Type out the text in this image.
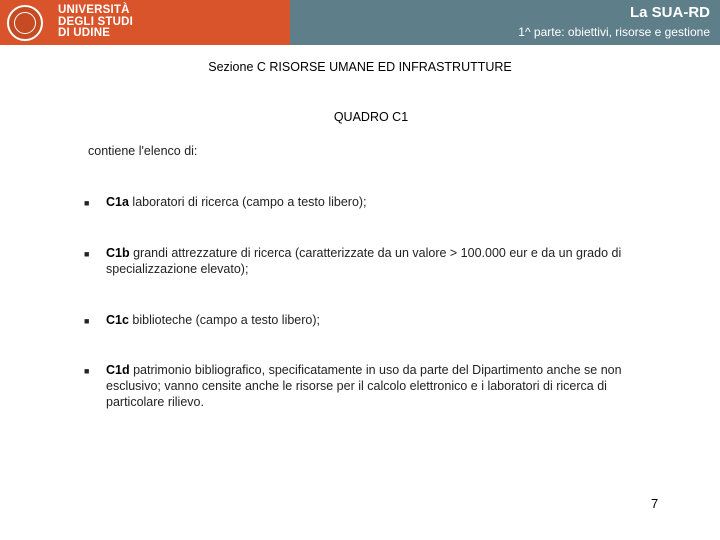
UNIVERSITÀ
DEGLI STUDI
DI UDINE
La SUA-RD
1^ parte: obiettivi, risorse e gestione
Sezione C RISORSE UMANE ED INFRASTRUTTURE
QUADRO C1
contiene l'elenco di:
■ C1a laboratori di ricerca (campo a testo libero);
■ C1b grandi attrezzature di ricerca (caratterizzate da un valore > 100.000 eur e da un grado di specializzazione elevato);
■ C1c biblioteche (campo a testo libero);
■ C1d patrimonio bibliografico, specificatamente in uso da parte del Dipartimento anche se non esclusivo; vanno censite anche le risorse per il calcolo elettronico e i laboratori di ricerca di particolare rilievo.
7
